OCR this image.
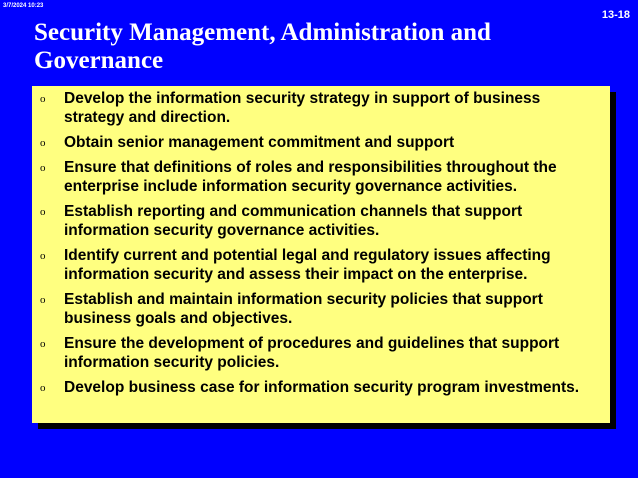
3/7/2024 10:23
13-18
Security Management, Administration and
Governance
o	Develop the information security strategy in support of business strategy and direction.
o	Obtain senior management commitment and support
o	Ensure that definitions of roles and responsibilities throughout the enterprise include information security governance activities.
o	Establish reporting and communication channels that support information security governance activities.
o	Identify current and potential legal and regulatory issues affecting information security and assess their impact on the enterprise.
o	Establish and maintain information security policies that support business goals and objectives.
o	Ensure the development of procedures and guidelines that support information security policies.
o	Develop business case for information security program investments.
